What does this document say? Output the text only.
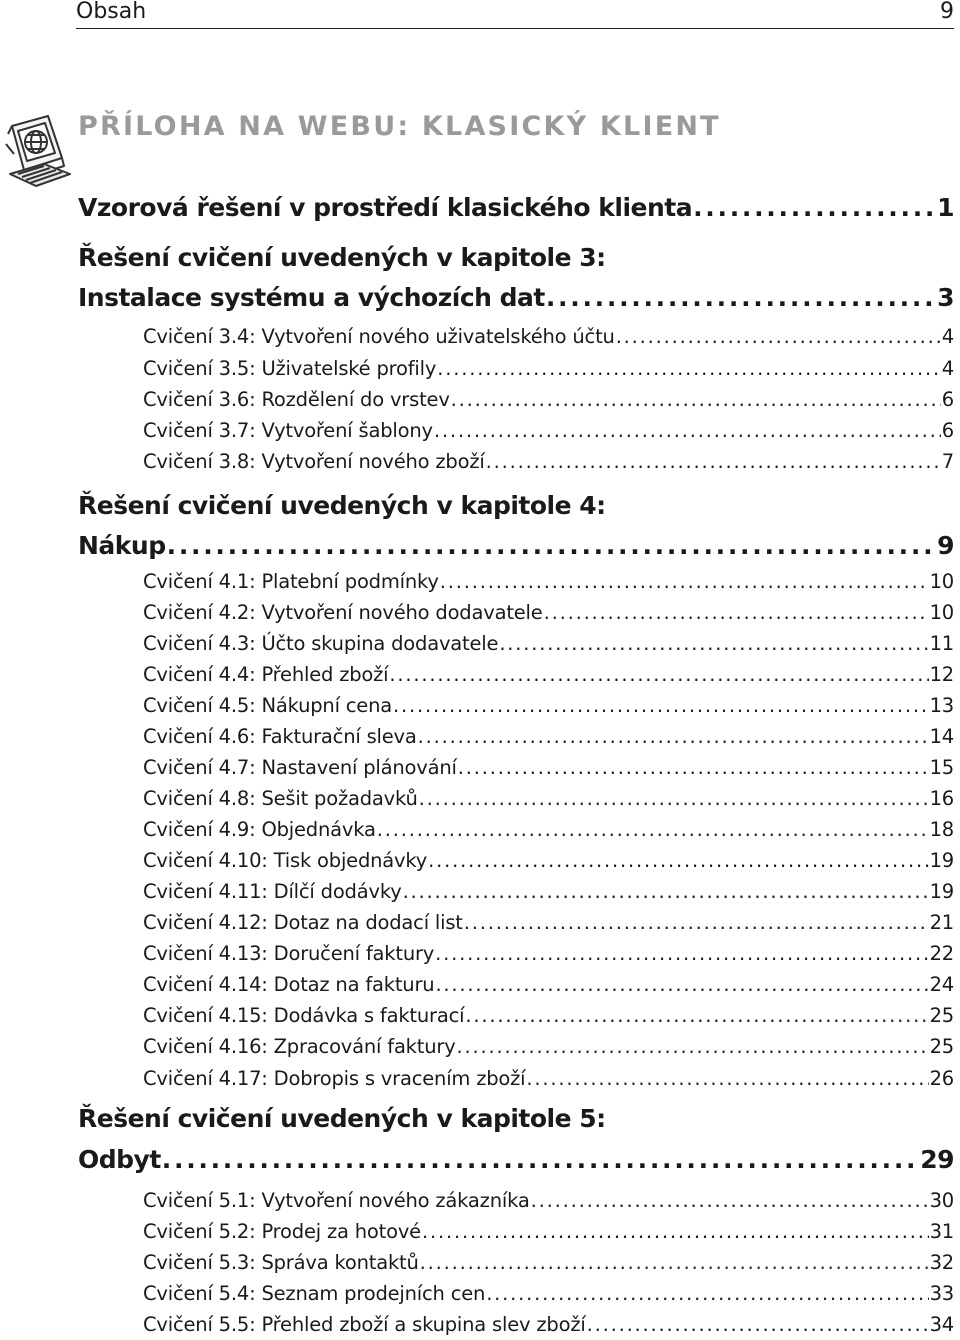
Obsah	9
PŘÍLOHA NA WEBU: KLASICKÝ KLIENT
Vzorová řešení v prostředí klasického klienta . . .	1
Řešení cvičení uvedených v kapitole 3:
Instalace systému a výchozích dat . . .	3
Cvičení 3.4: Vytvoření nového uživatelského účtu . . .	4
Cvičení 3.5: Uživatelské profily . . .	4
Cvičení 3.6: Rozdělení do vrstev . . .	6
Cvičení 3.7: Vytvoření šablony . . .	6
Cvičení 3.8: Vytvoření nového zboží . . .	7
Řešení cvičení uvedených v kapitole 4:
Nákup . . .	9
Cvičení 4.1: Platební podmínky . . .	10
Cvičení 4.2: Vytvoření nového dodavatele . . .	10
Cvičení 4.3: Účto skupina dodavatele . . .	11
Cvičení 4.4: Přehled zboží . . .	12
Cvičení 4.5: Nákupní cena . . .	13
Cvičení 4.6: Fakturační sleva . . .	14
Cvičení 4.7: Nastavení plánování . . .	15
Cvičení 4.8: Sešit požadavků . . .	16
Cvičení 4.9: Objednávka . . .	18
Cvičení 4.10: Tisk objednávky . . .	19
Cvičení 4.11: Dílčí dodávky . . .	19
Cvičení 4.12: Dotaz na dodací list . . .	21
Cvičení 4.13: Doručení faktury . . .	22
Cvičení 4.14: Dotaz na fakturu . . .	24
Cvičení 4.15: Dodávka s fakturací . . .	25
Cvičení 4.16: Zpracování faktury . . .	25
Cvičení 4.17: Dobropis s vracením zboží . . .	26
Řešení cvičení uvedených v kapitole 5:
Odbyt . . .	29
Cvičení 5.1: Vytvoření nového zákazníka . . .	30
Cvičení 5.2: Prodej za hotové . . .	31
Cvičení 5.3: Správa kontaktů . . .	32
Cvičení 5.4: Seznam prodejních cen . . .	33
Cvičení 5.5: Přehled zboží a skupina slev zboží . . .	34
